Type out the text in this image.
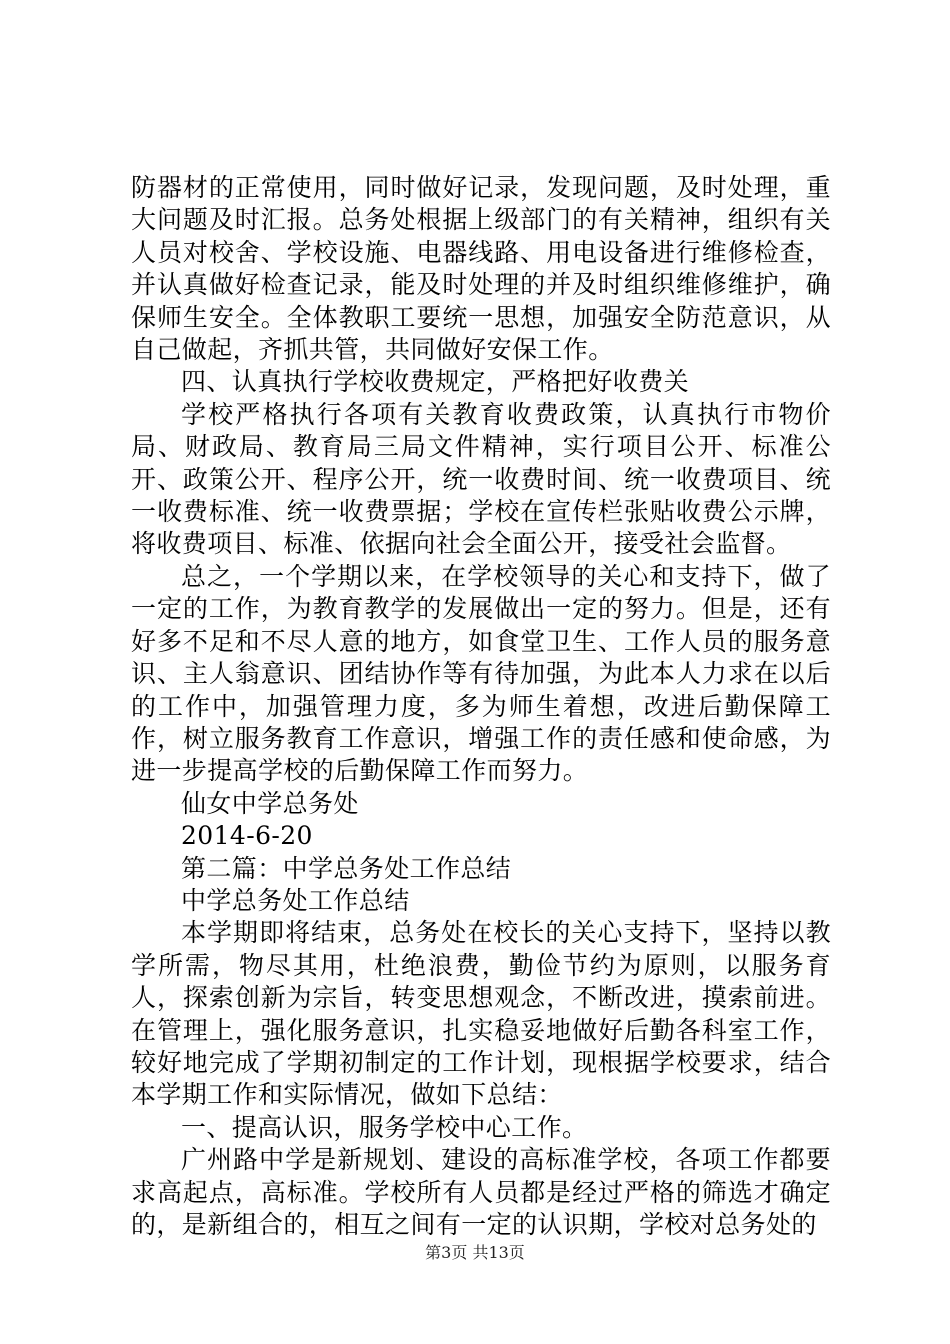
防器材的正常使用，同时做好记录，发现问题，及时处理，重大问题及时汇报。总务处根据上级部门的有关精神，组织有关人员对校舍、学校设施、电器线路、用电设备进行维修检查，并认真做好检查记录，能及时处理的并及时组织维修维护，确保师生安全。全体教职工要统一思想，加强安全防范意识，从自己做起，齐抓共管，共同做好安保工作。

四、认真执行学校收费规定，严格把好收费关

学校严格执行各项有关教育收费政策，认真执行市物价局、财政局、教育局三局文件精神，实行项目公开、标准公开、政策公开、程序公开，统一收费时间、统一收费项目、统一收费标准、统一收费票据；学校在宣传栏张贴收费公示牌，将收费项目、标准、依据向社会全面公开，接受社会监督。

总之，一个学期以来，在学校领导的关心和支持下，做了一定的工作，为教育教学的发展做出一定的努力。但是，还有好多不足和不尽人意的地方，如食堂卫生、工作人员的服务意识、主人翁意识、团结协作等有待加强，为此本人力求在以后的工作中，加强管理力度，多为师生着想，改进后勤保障工作，树立服务教育工作意识，增强工作的责任感和使命感，为进一步提高学校的后勤保障工作而努力。

仙女中学总务处

2014-6-20

第二篇：中学总务处工作总结

中学总务处工作总结

本学期即将结束，总务处在校长的关心支持下，坚持以教学所需，物尽其用，杜绝浪费，勤俭节约为原则，以服务育人，探索创新为宗旨，转变思想观念，不断改进，摸索前进。在管理上，强化服务意识，扎实稳妥地做好后勤各科室工作，较好地完成了学期初制定的工作计划，现根据学校要求，结合本学期工作和实际情况，做如下总结：

一、提高认识，服务学校中心工作。

广州路中学是新规划、建设的高标准学校，各项工作都要求高起点，高标准。学校所有人员都是经过严格的筛选才确定的，是新组合的，相互之间有一定的认识期，学校对总务处的

第3页 共13页
